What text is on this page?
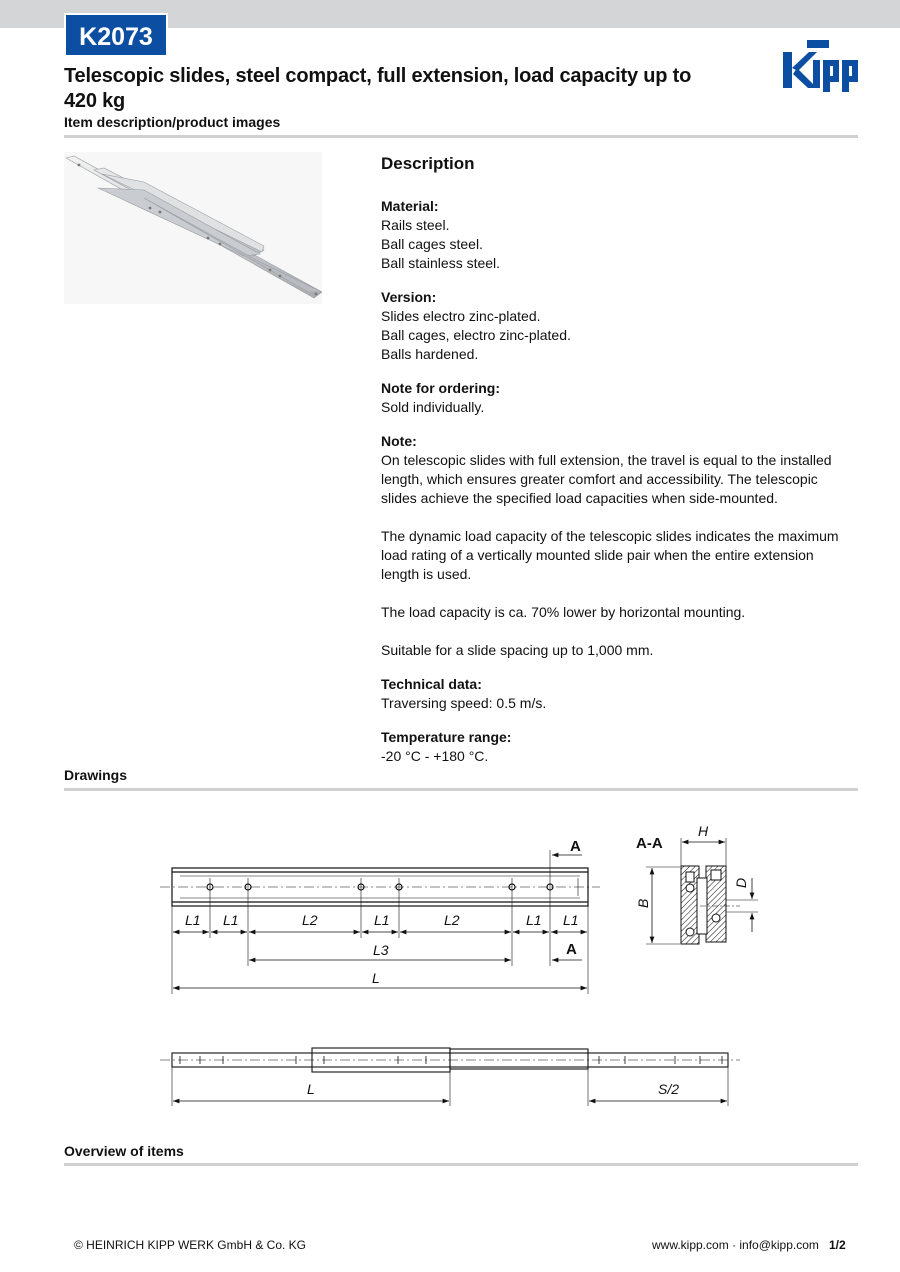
K2073
Telescopic slides, steel compact, full extension, load capacity up to 420 kg
Item description/product images
Description
Material:
Rails steel.
Ball cages steel.
Ball stainless steel.
Version:
Slides electro zinc-plated.
Ball cages, electro zinc-plated.
Balls hardened.
Note for ordering:
Sold individually.
Note:
On telescopic slides with full extension, the travel is equal to the installed length, which ensures greater comfort and accessibility. The telescopic slides achieve the specified load capacities when side-mounted.
The dynamic load capacity of the telescopic slides indicates the maximum load rating of a vertically mounted slide pair when the entire extension length is used.
The load capacity is ca. 70% lower by horizontal mounting.
Suitable for a slide spacing up to 1,000 mm.
Technical data:
Traversing speed: 0.5 m/s.
Temperature range:
-20 °C - +180 °C.
Drawings
L1 L1	L2	L1	L2	L1 L1
L3
L
A
A
A-A
H
B
D
L	S/2
Overview of items
© HEINRICH KIPP WERK GmbH & Co. KG	www.kipp.com · info@kipp.com 1/2
